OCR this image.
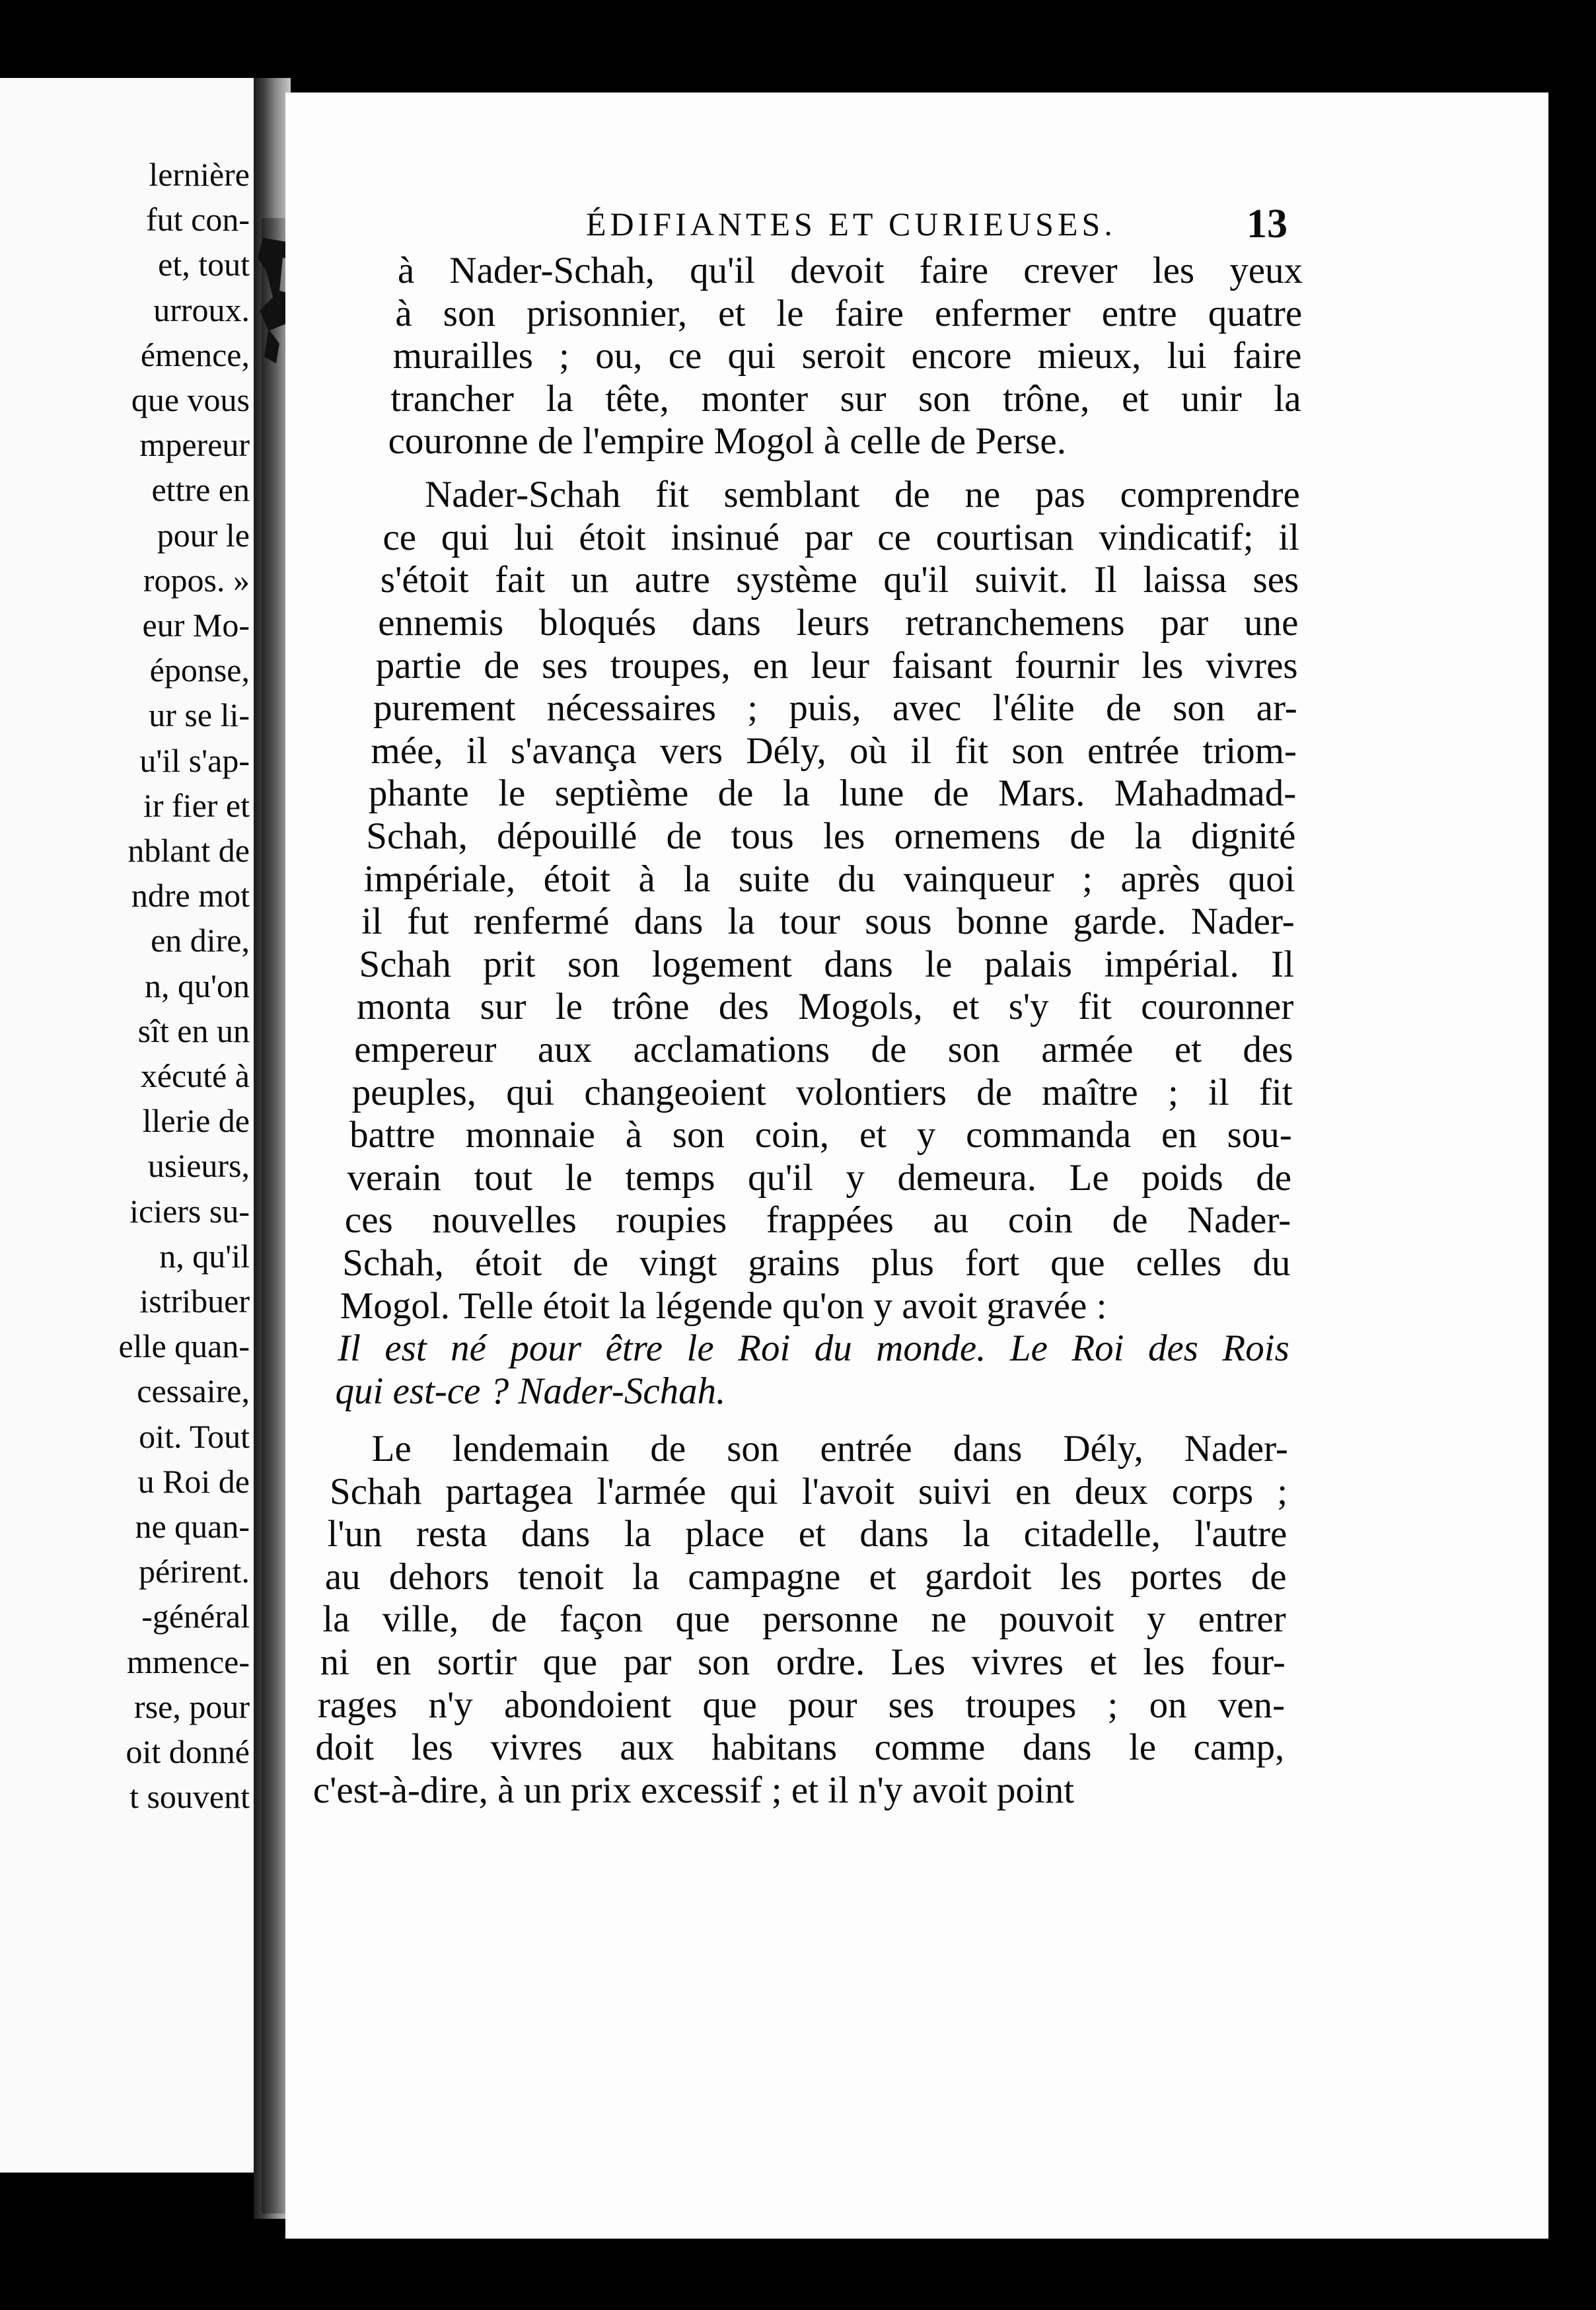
lernière
fut con-
et, tout
urroux.
émence,
que vous
mpereur
ettre en
pour le
ropos. »
eur Mo-
éponse,
ur se li-
u'il s'ap-
ir fier et
nblant de
ndre mot
en dire,
n, qu'on
sît en un
xécuté à
llerie de
usieurs,
iciers su-
n, qu'il
istribuer
elle quan-
cessaire,
oit. Tout
u Roi de
ne quan-
périrent.
-général
mmence-
rse, pour
oit donné
t souvent
ÉDIFIANTES ET CURIEUSES.	13
à Nader-Schah, qu'il devoit faire crever les yeux
à son prisonnier, et le faire enfermer entre quatre
murailles ; ou, ce qui seroit encore mieux, lui faire
trancher la tête, monter sur son trône, et unir la
couronne de l'empire Mogol à celle de Perse.
Nader-Schah fit semblant de ne pas comprendre
ce qui lui étoit insinué par ce courtisan vindicatif; il
s'étoit fait un autre système qu'il suivit. Il laissa ses
ennemis bloqués dans leurs retranchemens par une
partie de ses troupes, en leur faisant fournir les vivres
purement nécessaires ; puis, avec l'élite de son ar-
mée, il s'avança vers Dély, où il fit son entrée triom-
phante le septième de la lune de Mars. Mahadmad-
Schah, dépouillé de tous les ornemens de la dignité
impériale, étoit à la suite du vainqueur ; après quoi
il fut renfermé dans la tour sous bonne garde. Nader-
Schah prit son logement dans le palais impérial. Il
monta sur le trône des Mogols, et s'y fit couronner
empereur aux acclamations de son armée et des
peuples, qui changeoient volontiers de maître ; il fit
battre monnaie à son coin, et y commanda en sou-
verain tout le temps qu'il y demeura. Le poids de
ces nouvelles roupies frappées au coin de Nader-
Schah, étoit de vingt grains plus fort que celles du
Mogol. Telle étoit la légende qu'on y avoit gravée :
Il est né pour être le Roi du monde. Le Roi des Rois
qui est-ce ? Nader-Schah.
Le lendemain de son entrée dans Dély, Nader-
Schah partagea l'armée qui l'avoit suivi en deux corps ;
l'un resta dans la place et dans la citadelle, l'autre
au dehors tenoit la campagne et gardoit les portes de
la ville, de façon que personne ne pouvoit y entrer
ni en sortir que par son ordre. Les vivres et les four-
rages n'y abondoient que pour ses troupes ; on ven-
doit les vivres aux habitans comme dans le camp,
c'est-à-dire, à un prix excessif ; et il n'y avoit point
